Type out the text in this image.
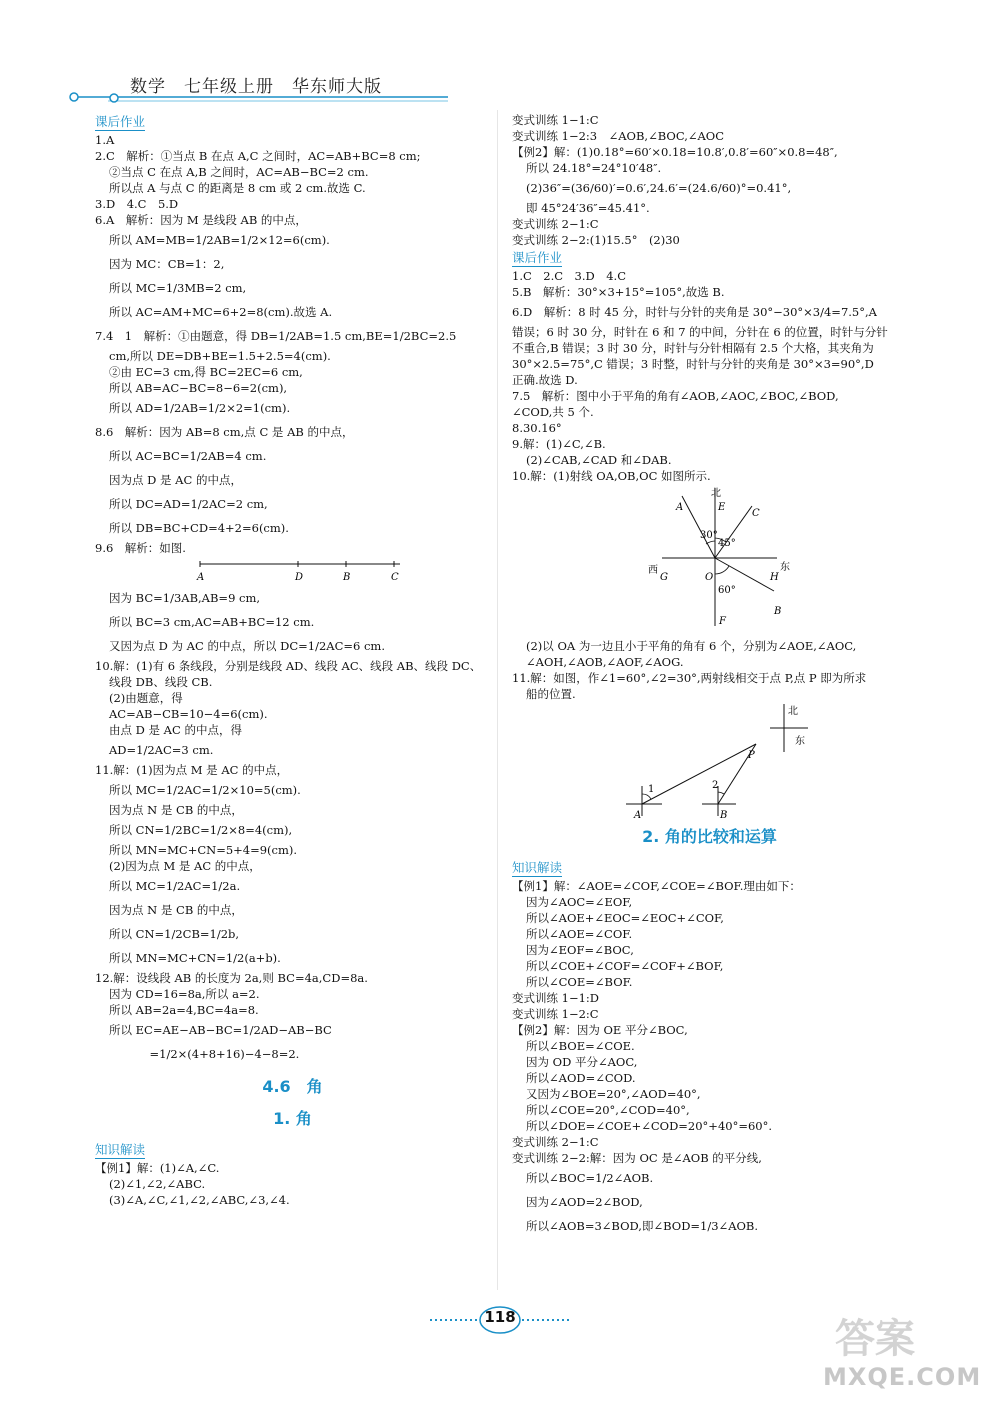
数学　七年级上册　华东师大版
课后作业
1.A
2.C　解析：①当点 B 在点 A,C 之间时，AC=AB+BC=8 cm;
②当点 C 在点 A,B 之间时，AC=AB−BC=2 cm.
所以点 A 与点 C 的距离是 8 cm 或 2 cm.故选 C.
3.D　4.C　5.D
6.A　解析：因为 M 是线段 AB 的中点，
所以 AM=MB=1/2AB=1/2×12=6(cm).
因为 MC：CB=1：2,
所以 MC=1/3MB=2 cm,
所以 AC=AM+MC=6+2=8(cm).故选 A.
7.4　1　解析：①由题意，得 DB=1/2AB=1.5 cm,BE=1/2BC=2.5
cm,所以 DE=DB+BE=1.5+2.5=4(cm).
②由 EC=3 cm,得 BC=2EC=6 cm,
所以 AB=AC−BC=8−6=2(cm),
所以 AD=1/2AB=1/2×2=1(cm).
8.6　解析：因为 AB=8 cm,点 C 是 AB 的中点，
所以 AC=BC=1/2AB=4 cm.
因为点 D 是 AC 的中点，
所以 DC=AD=1/2AC=2 cm,
所以 DB=BC+CD=4+2=6(cm).
9.6　解析：如图.
A	D	B	C
因为 BC=1/3AB,AB=9 cm,
所以 BC=3 cm,AC=AB+BC=12 cm.
又因为点 D 为 AC 的中点，所以 DC=1/2AC=6 cm.
10.解：(1)有 6 条线段，分别是线段 AD、线段 AC、线段 AB、线段 DC、
线段 DB、线段 CB.
(2)由题意，得
AC=AB−CB=10−4=6(cm).
由点 D 是 AC 的中点，得
AD=1/2AC=3 cm.
11.解：(1)因为点 M 是 AC 的中点，
所以 MC=1/2AC=1/2×10=5(cm).
因为点 N 是 CB 的中点，
所以 CN=1/2BC=1/2×8=4(cm),
所以 MN=MC+CN=5+4=9(cm).
(2)因为点 M 是 AC 的中点，
所以 MC=1/2AC=1/2a.
因为点 N 是 CB 的中点，
所以 CN=1/2CB=1/2b,
所以 MN=MC+CN=1/2(a+b).
12.解：设线段 AB 的长度为 2a,则 BC=4a,CD=8a.
因为 CD=16=8a,所以 a=2.
所以 AB=2a=4,BC=4a=8.
所以 EC=AE−AB−BC=1/2AD−AB−BC
　　　=1/2×(4+8+16)−4−8=2.
4.6　角
1. 角
知识解读
【例1】解：(1)∠A,∠C.
(2)∠1,∠2,∠ABC.
(3)∠A,∠C,∠1,∠2,∠ABC,∠3,∠4.
变式训练 1−1:C
变式训练 1−2:3　∠AOB,∠BOC,∠AOC
【例2】解：(1)0.18°=60′×0.18=10.8′,0.8′=60″×0.8=48″,
所以 24.18°=24°10′48″.
(2)36″=(36/60)′=0.6′,24.6′=(24.6/60)°=0.41°,
即 45°24′36″=45.41°.
变式训练 2−1:C
变式训练 2−2:(1)15.5°　(2)30
课后作业
1.C　2.C　3.D　4.C
5.B　解析：30°×3+15°=105°,故选 B.
6.D　解析：8 时 45 分，时针与分针的夹角是 30°−30°×3/4=7.5°,A
错误；6 时 30 分，时针在 6 和 7 的中间，分针在 6 的位置，时针与分针
不重合,B 错误；3 时 30 分，时针与分针相隔有 2.5 个大格，其夹角为
30°×2.5=75°,C 错误；3 时整，时针与分针的夹角是 30°×3=90°,D
正确.故选 D.
7.5　解析：图中小于平角的角有∠AOB,∠AOC,∠BOC,∠BOD,
∠COD,共 5 个.
8.30.16°
9.解：(1)∠C,∠B.
(2)∠CAB,∠CAD 和∠DAB.
10.解：(1)射线 OA,OB,OC 如图所示.
北
东
西
A	E
C
G	O	H
B
F
30°
45°
60°
(2)以 OA 为一边且小于平角的角有 6 个，分别为∠AOE,∠AOC,
∠AOH,∠AOB,∠AOF,∠AOG.
11.解：如图，作∠1=60°,∠2=30°,两射线相交于点 P,点 P 即为所求
船的位置.
北
东
P
A	B
1	2
2. 角的比较和运算
知识解读
【例1】解：∠AOE=∠COF,∠COE=∠BOF.理由如下：
因为∠AOC=∠EOF,
所以∠AOE+∠EOC=∠EOC+∠COF,
所以∠AOE=∠COF.
因为∠EOF=∠BOC,
所以∠COE+∠COF=∠COF+∠BOF,
所以∠COE=∠BOF.
变式训练 1−1:D
变式训练 1−2:C
【例2】解：因为 OE 平分∠BOC,
所以∠BOE=∠COE.
因为 OD 平分∠AOC,
所以∠AOD=∠COD.
又因为∠BOE=20°,∠AOD=40°,
所以∠COE=20°,∠COD=40°,
所以∠DOE=∠COE+∠COD=20°+40°=60°.
变式训练 2−1:C
变式训练 2−2:解：因为 OC 是∠AOB 的平分线,
所以∠BOC=1/2∠AOB.
因为∠AOD=2∠BOD,
所以∠AOB=3∠BOD,即∠BOD=1/3∠AOB.
118	答案
MXQE.COM
